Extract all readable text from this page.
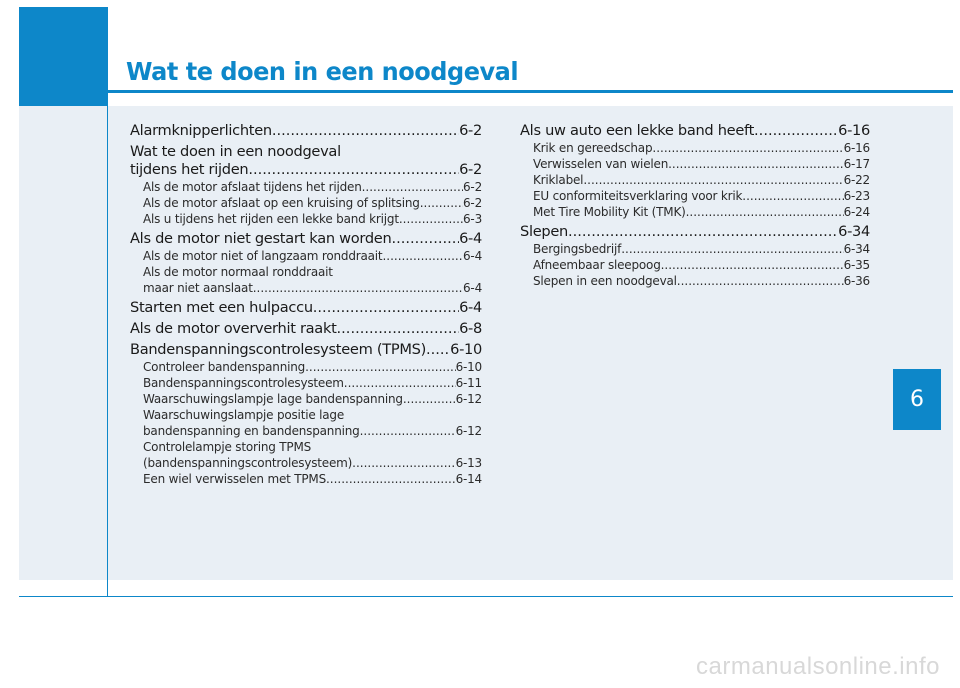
Wat te doen in een noodgeval
6
Alarmknipperlichten .....	6-2
Wat te doen in een noodgeval
tijdens het rijden .....	6-2
Als de motor afslaat tijdens het rijden .....	6-2
Als de motor afslaat op een kruising of splitsing .....	6-2
Als u tijdens het rijden een lekke band krijgt .....	6-3
Als de motor niet gestart kan worden .....	6-4
Als de motor niet of langzaam ronddraait .....	6-4
Als de motor normaal ronddraait
maar niet aanslaat .....	6-4
Starten met een hulpaccu .....	6-4
Als de motor oververhit raakt .....	6-8
Bandenspanningscontrolesysteem (TPMS) ..... 6-10
Controleer bandenspanning .....	6-10
Bandenspanningscontrolesysteem .....	6-11
Waarschuwingslampje lage bandenspanning .....	6-12
Waarschuwingslampje positie lage
bandenspanning en bandenspanning .....	6-12
Controlelampje storing TPMS
(bandenspanningscontrolesysteem) .....	6-13
Een wiel verwisselen met TPMS .....	6-14
Als uw auto een lekke band heeft .....	6-16
Krik en gereedschap .....	6-16
Verwisselen van wielen .....	6-17
Kriklabel .....	6-22
EU conformiteitsverklaring voor krik .....	6-23
Met Tire Mobility Kit (TMK) .....	6-24
Slepen .....	6-34
Bergingsbedrijf .....	6-34
Afneembaar sleepoog .....	6-35
Slepen in een noodgeval .....	6-36
carmanualsonline.info
